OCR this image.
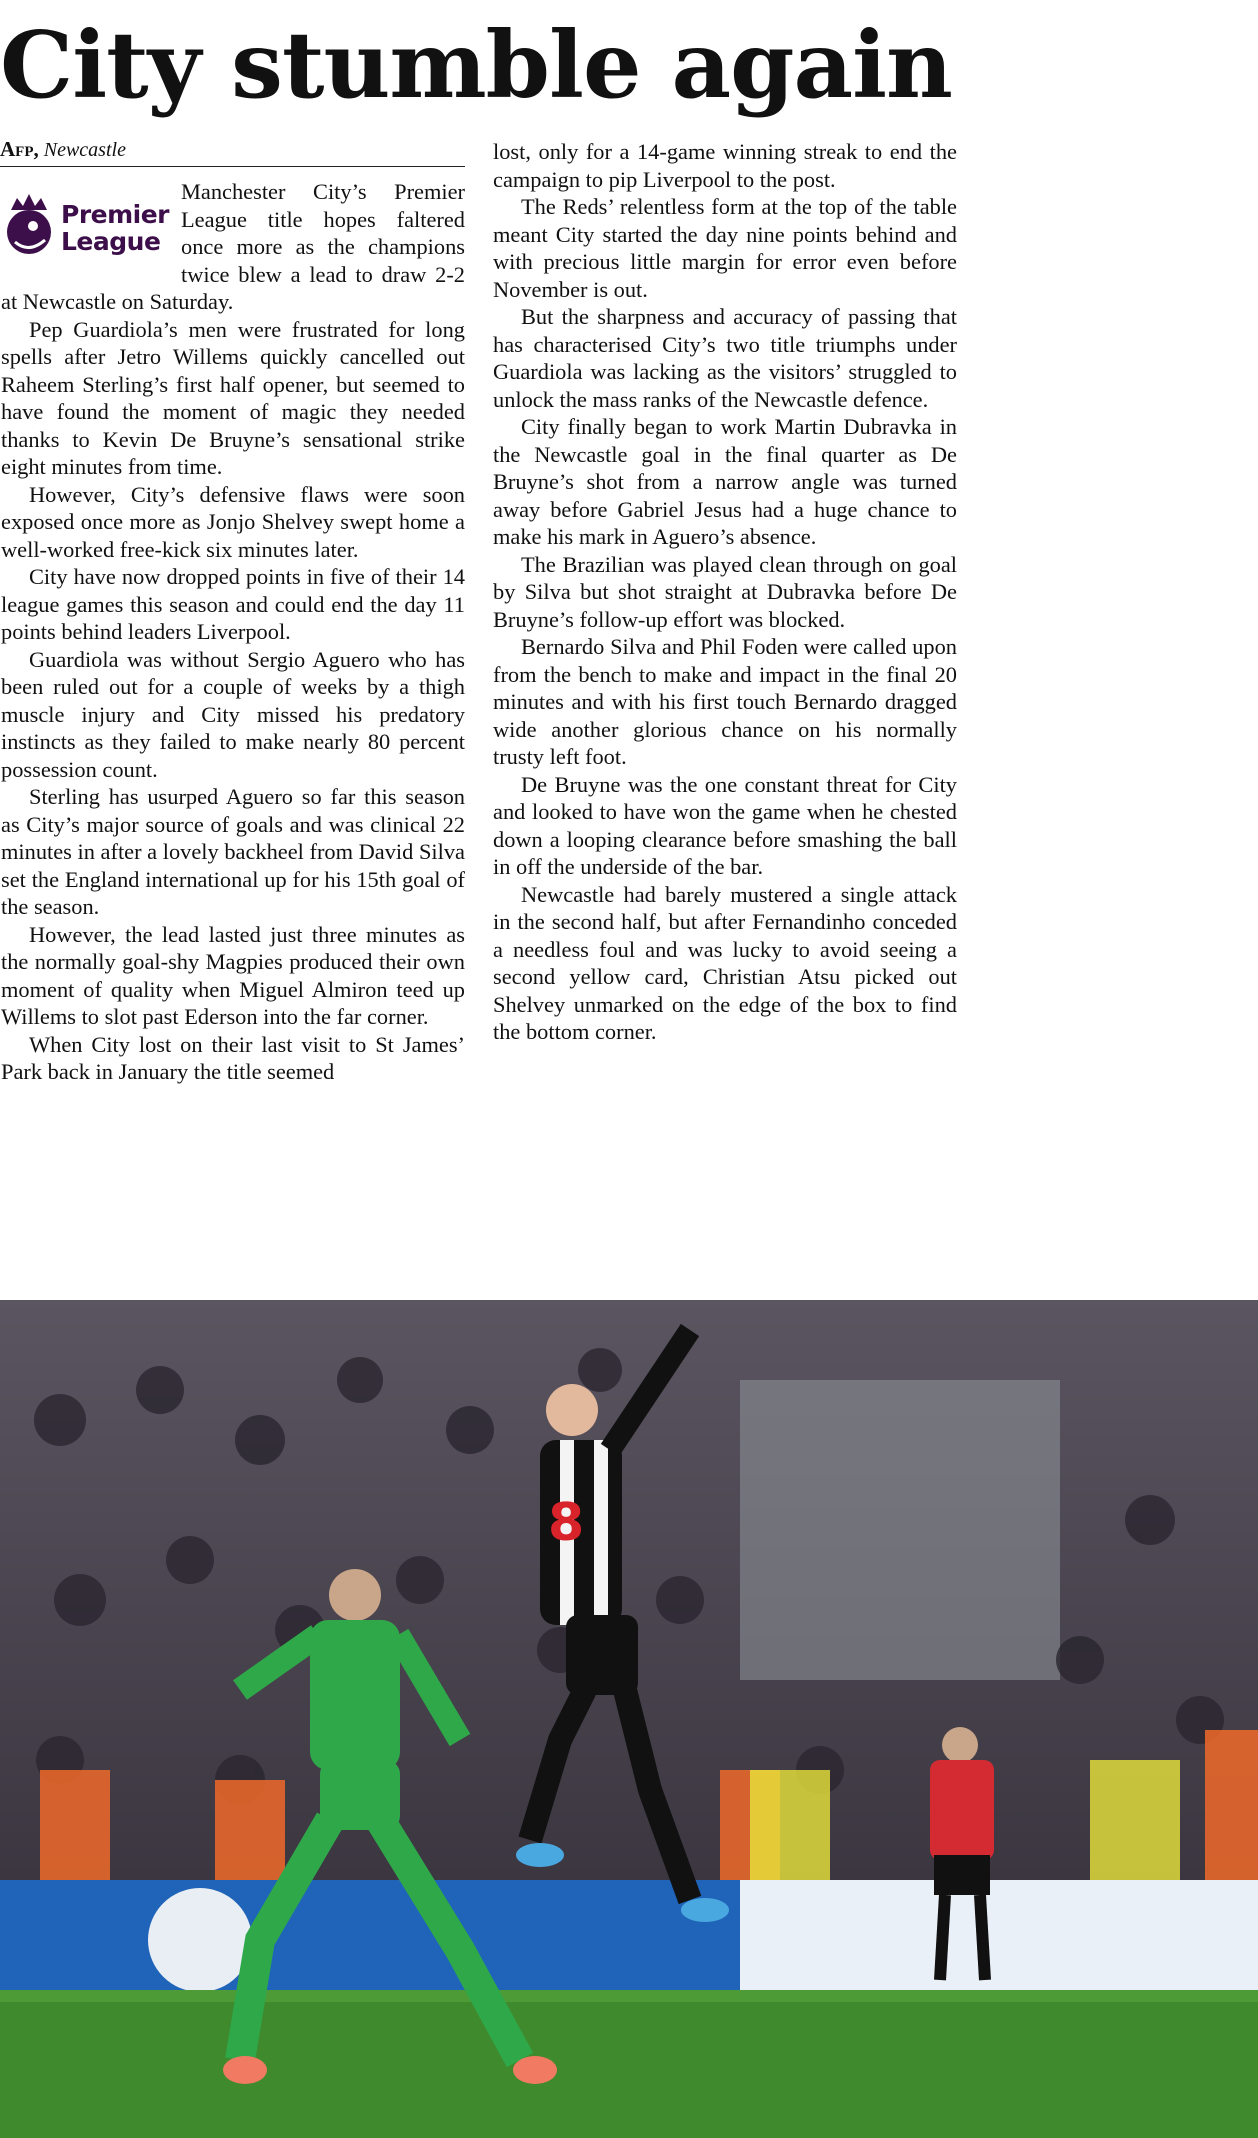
City stumble again
Afp, Newcastle
Premier
League

Manchester City’s Premier League title hopes faltered once more as the champions twice blew a lead to draw 2-2 at Newcastle on Saturday.

Pep Guardiola’s men were frustrated for long spells after Jetro Willems quickly cancelled out Raheem Sterling’s first half opener, but seemed to have found the moment of magic they needed thanks to Kevin De Bruyne’s sensational strike eight minutes from time.

However, City’s defensive flaws were soon exposed once more as Jonjo Shelvey swept home a well-worked free-kick six minutes later.

City have now dropped points in five of their 14 league games this season and could end the day 11 points behind leaders Liverpool.

Guardiola was without Sergio Aguero who has been ruled out for a couple of weeks by a thigh muscle injury and City missed his predatory instincts as they failed to make nearly 80 percent possession count.

Sterling has usurped Aguero so far this season as City’s major source of goals and was clinical 22 minutes in after a lovely backheel from David Silva set the England international up for his 15th goal of the season.

However, the lead lasted just three minutes as the normally goal-shy Magpies produced their own moment of quality when Miguel Almiron teed up Willems to slot past Ederson into the far corner.

When City lost on their last visit to St James’ Park back in January the title seemed

lost, only for a 14-game winning streak to end the campaign to pip Liverpool to the post.

The Reds’ relentless form at the top of the table meant City started the day nine points behind and with precious little margin for error even before November is out.

But the sharpness and accuracy of passing that has characterised City’s two title triumphs under Guardiola was lacking as the visitors’ struggled to unlock the mass ranks of the Newcastle defence.

City finally began to work Martin Dubravka in the Newcastle goal in the final quarter as De Bruyne’s shot from a narrow angle was turned away before Gabriel Jesus had a huge chance to make his mark in Aguero’s absence.

The Brazilian was played clean through on goal by Silva but shot straight at Dubravka before De Bruyne’s follow-up effort was blocked.

Bernardo Silva and Phil Foden were called upon from the bench to make and impact in the final 20 minutes and with his first touch Bernardo dragged wide another glorious chance on his normally trusty left foot.

De Bruyne was the one constant threat for City and looked to have won the game when he chested down a looping clearance before smashing the ball in off the underside of the bar.

Newcastle had barely mustered a single attack in the second half, but after Fernandinho conceded a needless foul and was lucky to avoid seeing a second yellow card, Christian Atsu picked out Shelvey unmarked on the edge of the box to find the bottom corner.

8
